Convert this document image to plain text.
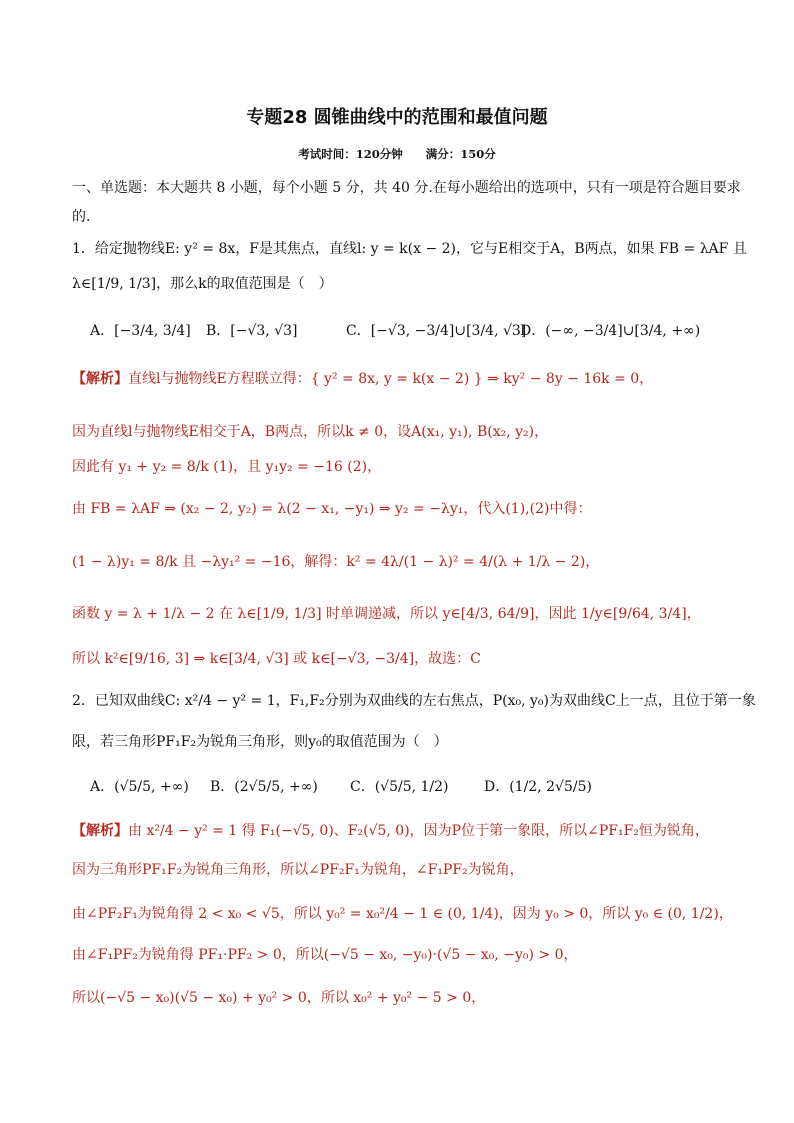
专题28 圆锥曲线中的范围和最值问题
考试时间：120分钟　　满分：150分
一、单选题：本大题共 8 小题，每个小题 5 分，共 40 分.在每小题给出的选项中，只有一项是符合题目要求
的.
1．给定抛物线E: y² = 8x，F是其焦点，直线l: y = k(x − 2)，它与E相交于A，B两点，如果 FB = λAF 且
λ∈[1/9, 1/3]，那么k的取值范围是（　）
A．[−3/4, 3/4] B．[−√3, √3]	C．[−√3, −3/4]∪[3/4, √3]
D．(−∞, −3/4]∪[3/4, +∞)
【解析】直线l与抛物线E方程联立得：{ y² = 8x, y = k(x − 2) } ⇒ ky² − 8y − 16k = 0，
因为直线l与抛物线E相交于A，B两点，所以k ≠ 0，设A(x₁, y₁), B(x₂, y₂)，
因此有 y₁ + y₂ = 8/k (1)，且 y₁y₂ = −16 (2)，
由 FB = λAF ⇒ (x₂ − 2, y₂) = λ(2 − x₁, −y₁) ⇒ y₂ = −λy₁，代入(1),(2)中得：
(1 − λ)y₁ = 8/k 且 −λy₁² = −16，解得：k² = 4λ/(1 − λ)² = 4/(λ + 1/λ − 2)，
函数 y = λ + 1/λ − 2 在 λ∈[1/9, 1/3] 时单调递减，所以 y∈[4/3, 64/9]，因此 1/y∈[9/64, 3/4]，
所以 k²∈[9/16, 3] ⇒ k∈[3/4, √3] 或 k∈[−√3, −3/4]，故选：C
2．已知双曲线C: x²/4 − y² = 1，F₁,F₂分别为双曲线的左右焦点，P(x₀, y₀)为双曲线C上一点，且位于第一象
限，若三角形PF₁F₂为锐角三角形，则y₀的取值范围为（　）
A．(√5/5, +∞) B．(2√5/5, +∞) C．(√5/5, 1/2)	D．(1/2, 2√5/5)
【解析】由 x²/4 − y² = 1 得 F₁(−√5, 0)、F₂(√5, 0)，因为P位于第一象限，所以∠PF₁F₂恒为锐角，
因为三角形PF₁F₂为锐角三角形，所以∠PF₂F₁为锐角，∠F₁PF₂为锐角，
由∠PF₂F₁为锐角得 2 < x₀ < √5，所以 y₀² = x₀²/4 − 1 ∈ (0, 1/4)，因为 y₀ > 0，所以 y₀ ∈ (0, 1/2)，
由∠F₁PF₂为锐角得 PF₁·PF₂ > 0，所以(−√5 − x₀, −y₀)·(√5 − x₀, −y₀) > 0，
所以(−√5 − x₀)(√5 − x₀) + y₀² > 0，所以 x₀² + y₀² − 5 > 0，
